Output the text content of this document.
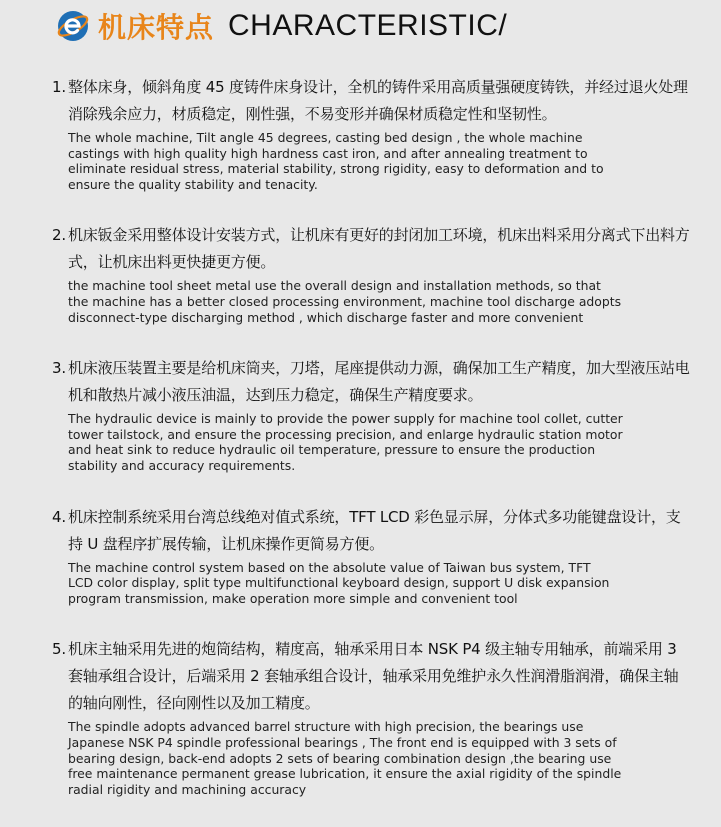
机床特点 CHARACTERISTIC/
1. 整体床身，倾斜角度 45 度铸件床身设计，全机的铸件采用高质量强硬度铸铁，并经过退火处理消除残余应力，材质稳定，刚性强，不易变形并确保材质稳定性和坚韧性。
The whole machine, Tilt angle 45 degrees, casting bed design , the whole machine
castings with high quality high hardness cast iron, and after annealing treatment to
eliminate residual stress, material stability, strong rigidity, easy to deformation and to
ensure the quality stability and tenacity.
2. 机床钣金采用整体设计安装方式，让机床有更好的封闭加工环境，机床出料采用分离式下出料方式，让机床出料更快捷更方便。
the machine tool sheet metal use the overall design and installation methods, so that
the machine has a better closed processing environment, machine tool discharge adopts
disconnect-type discharging method , which discharge faster and more convenient
3. 机床液压装置主要是给机床筒夹，刀塔，尾座提供动力源，确保加工生产精度，加大型液压站电机和散热片减小液压油温，达到压力稳定，确保生产精度要求。
The hydraulic device is mainly to provide the power supply for machine tool collet, cutter
tower tailstock, and ensure the processing precision, and enlarge hydraulic station motor
and heat sink to reduce hydraulic oil temperature, pressure to ensure the production
stability and accuracy requirements.
4. 机床控制系统采用台湾总线绝对值式系统，TFT LCD 彩色显示屏，分体式多功能键盘设计，支持 U 盘程序扩展传输，让机床操作更简易方便。
The machine control system based on the absolute value of Taiwan bus system, TFT
LCD color display, split type multifunctional keyboard design, support U disk expansion
program transmission, make operation more simple and convenient tool
5. 机床主轴采用先进的炮筒结构，精度高，轴承采用日本 NSK P4 级主轴专用轴承，前端采用 3 套轴承组合设计，后端采用 2 套轴承组合设计，轴承采用免维护永久性润滑脂润滑，确保主轴的轴向刚性，径向刚性以及加工精度。
The spindle adopts advanced barrel structure with high precision, the bearings use
Japanese NSK P4 spindle professional bearings , The front end is equipped with 3 sets of
bearing design, back-end adopts 2 sets of bearing combination design ,the bearing use
free maintenance permanent grease lubrication, it ensure the axial rigidity of the spindle
radial rigidity and machining accuracy
